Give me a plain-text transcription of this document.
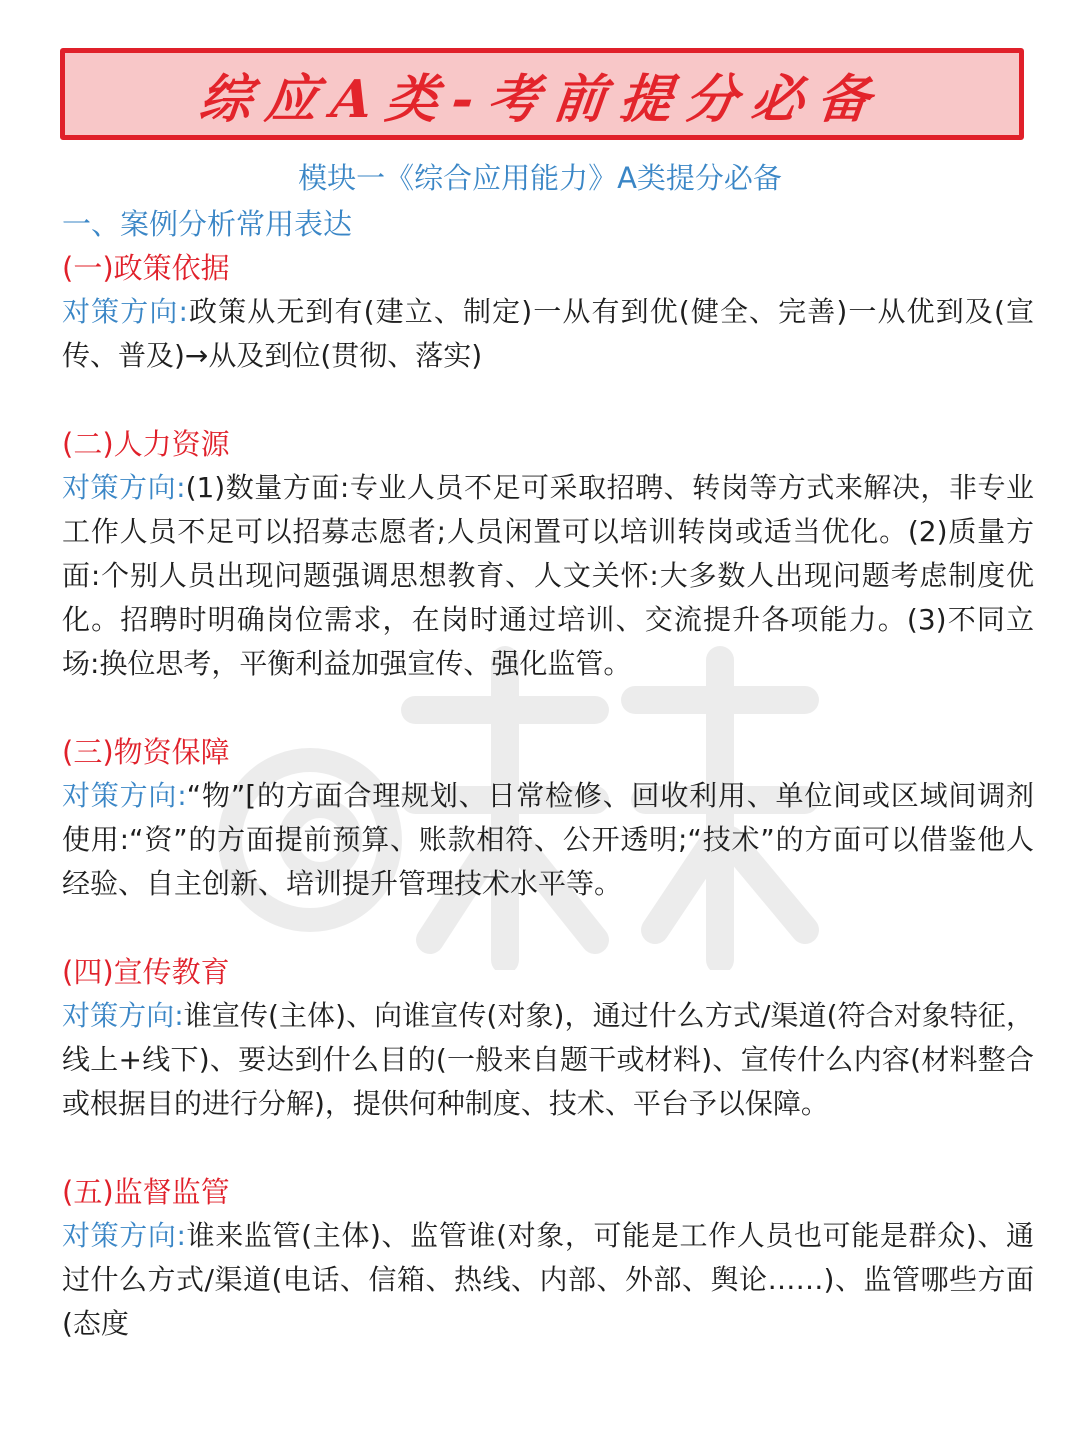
综应A类-考前提分必备
模块一《综合应用能力》A类提分必备

一、案例分析常用表达

(一)政策依据

对策方向:政策从无到有(建立、制定)一从有到优(健全、完善)一从优到及(宣传、普及)→从及到位(贯彻、落实)

(二)人力资源

对策方向:(1)数量方面:专业人员不足可采取招聘、转岗等方式来解决，非专业工作人员不足可以招募志愿者;人员闲置可以培训转岗或适当优化。(2)质量方面:个别人员出现问题强调思想教育、人文关怀:大多数人出现问题考虑制度优化。招聘时明确岗位需求，在岗时通过培训、交流提升各项能力。(3)不同立场:换位思考，平衡利益加强宣传、强化监管。

(三)物资保障

对策方向:“物”[的方面合理规划、日常检修、回收利用、单位间或区域间调剂使用:“资”的方面提前预算、账款相符、公开透明;“技术”的方面可以借鉴他人经验、自主创新、培训提升管理技术水平等。

(四)宣传教育

对策方向:谁宣传(主体)、向谁宣传(对象)，通过什么方式/渠道(符合对象特征，线上+线下)、要达到什么目的(一般来自题干或材料)、宣传什么内容(材料整合或根据目的进行分解)，提供何种制度、技术、平台予以保障。

(五)监督监管

对策方向:谁来监管(主体)、监管谁(对象，可能是工作人员也可能是群众)、通过什么方式/渠道(电话、信箱、热线、内部、外部、舆论……)、监管哪些方面(态度
